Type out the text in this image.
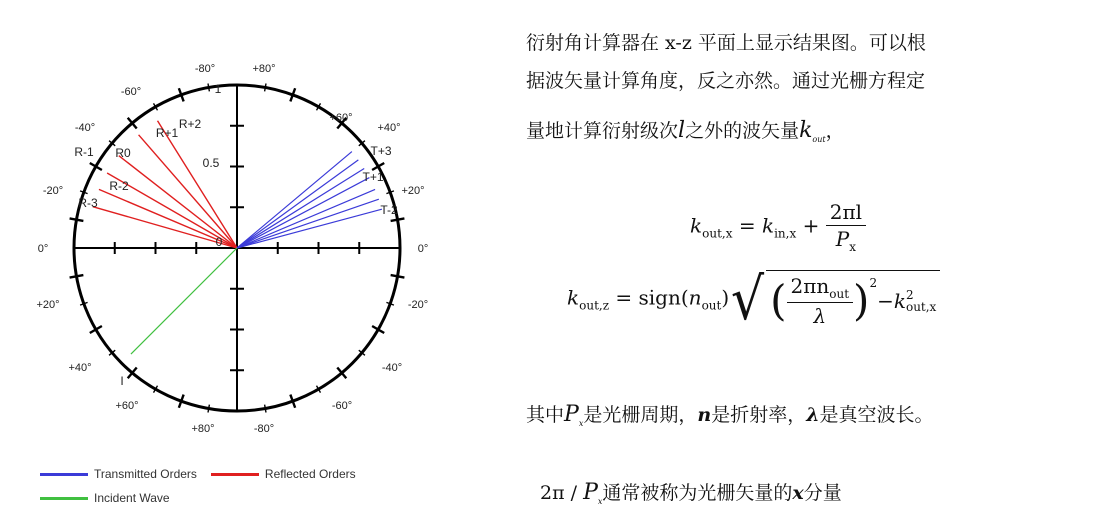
R+2
R+1
R0
R-1
R-2
R-3
T+3
T+1
T-2
I
1
0.5
0
-80°	+80°
-60°
+60°
-40°	+40°
-20°	+20°
0°	0°
+20°	-20°
+40°	-40°
+60°	-60°
+80°	-80°
Transmitted Orders	Reflected Orders
Incident Wave
衍射角计算器在 x-z 平面上显示结果图。可以根
据波矢量计算角度，反之亦然。通过光栅方程定
量地计算衍射级次l之外的波矢量$k_{out}$，
$k_{out,x} = k_{in,x} + \frac{2\pi l}{P_x}$
$k_{out,z}$ = $sign(n_{out})$ √ ( $\frac{2\pi n_{out}}{\lambda} )^2$
− k 2
out,x
其中$P_x$是光栅周期，n是折射率，λ是真空波长。
$2\pi / P_x$通常被称为光栅矢量的x分量
